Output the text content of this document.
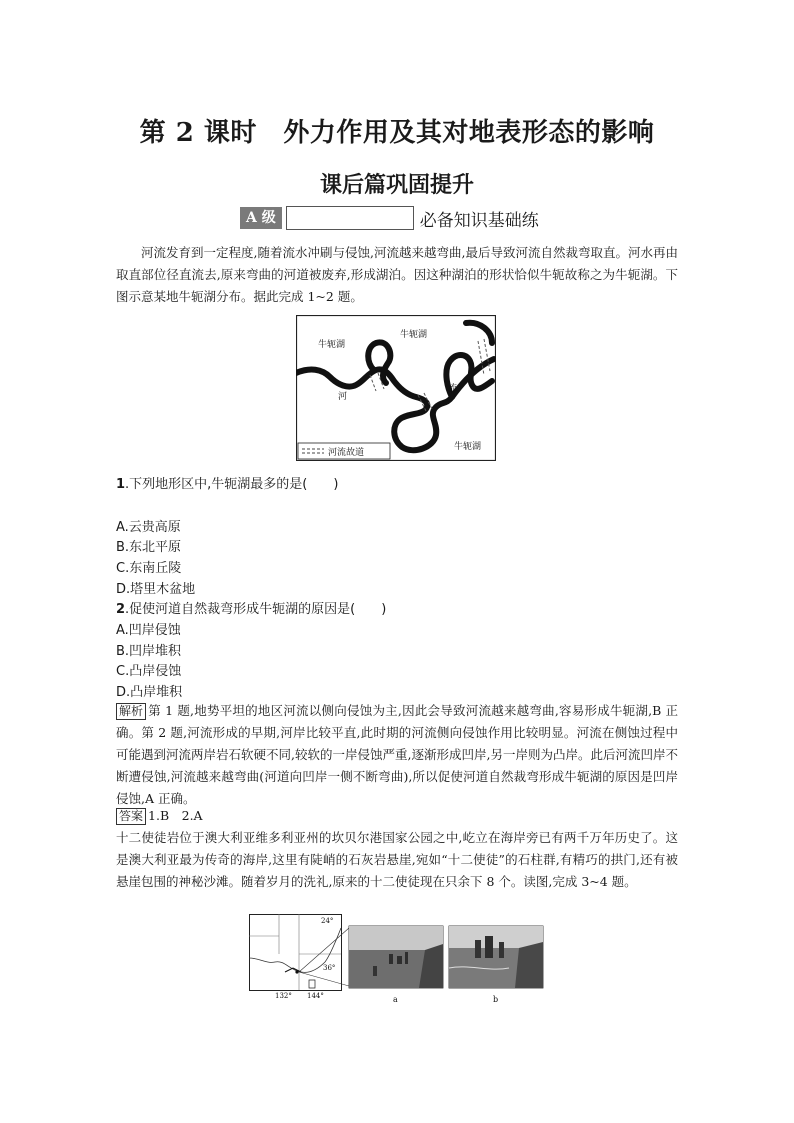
第 2 课时　外力作用及其对地表形态的影响
课后篇巩固提升
A 级	必备知识基础练
河流发育到一定程度,随着流水冲刷与侵蚀,河流越来越弯曲,最后导致河流自然裁弯取直。河水再由取直部位径直流去,原来弯曲的河道被废弃,形成湖泊。因这种湖泊的形状恰似牛轭故称之为牛轭湖。下图示意某地牛轭湖分布。据此完成 1~2 题。
牛轭湖
牛轭湖
牛轭湖
河
流
河流故道
1.下列地形区中,牛轭湖最多的是(　　)
A.云贵高原
B.东北平原
C.东南丘陵
D.塔里木盆地
2.促使河道自然裁弯形成牛轭湖的原因是(　　)
A.凹岸侵蚀
B.凹岸堆积
C.凸岸侵蚀
D.凸岸堆积
解析 第 1 题,地势平坦的地区河流以侧向侵蚀为主,因此会导致河流越来越弯曲,容易形成牛轭湖,B 正确。第 2 题,河流形成的早期,河岸比较平直,此时期的河流侧向侵蚀作用比较明显。河流在侧蚀过程中可能遇到河流两岸岩石软硬不同,较软的一岸侵蚀严重,逐渐形成凹岸,另一岸则为凸岸。此后河流凹岸不断遭侵蚀,河流越来越弯曲(河道向凹岸一侧不断弯曲),所以促使河道自然裁弯形成牛轭湖的原因是凹岸侵蚀,A 正确。
答案 1.B　2.A
十二使徒岩位于澳大利亚维多利亚州的坎贝尔港国家公园之中,屹立在海岸旁已有两千万年历史了。这是澳大利亚最为传奇的海岸,这里有陡峭的石灰岩悬崖,宛如“十二使徒”的石柱群,有精巧的拱门,还有被悬崖包围的神秘沙滩。随着岁月的洗礼,原来的十二使徒现在只余下 8 个。读图,完成 3~4 题。
24°
36°
132° 144°	a	b
